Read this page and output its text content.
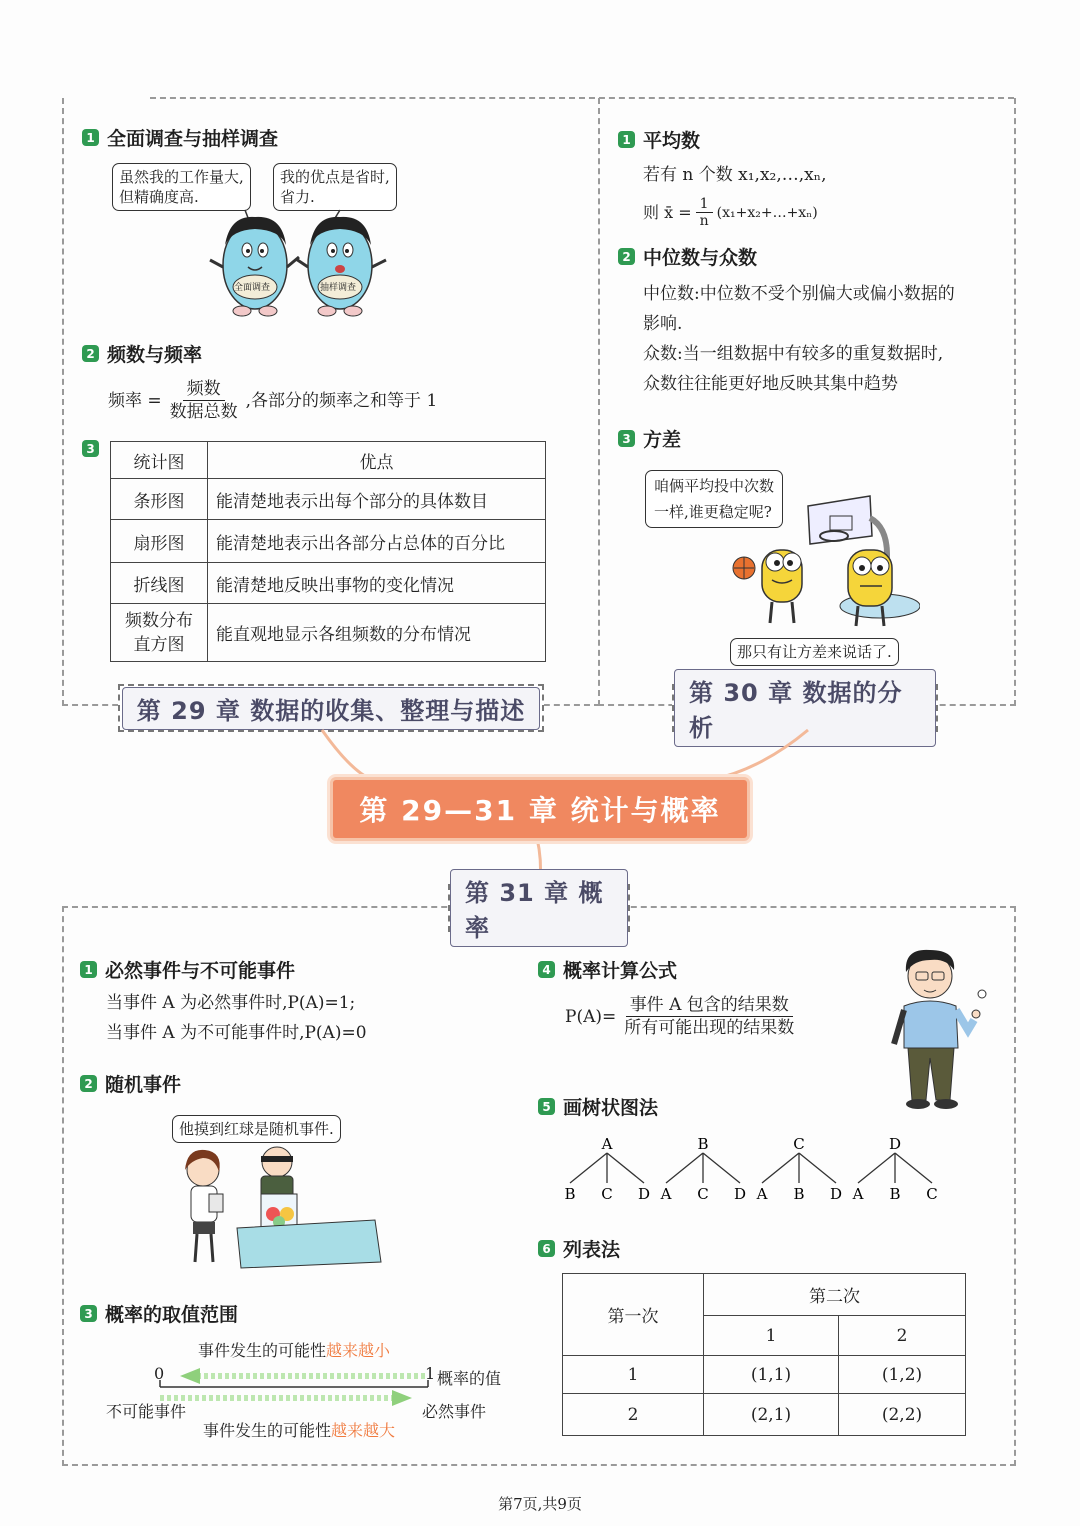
1 全面调查与抽样调查
虽然我的工作量大,
但精确度高.
我的优点是省时,
省力.
全面调查	抽样调查
2 频数与频率
频率 = $\frac{\text{频数}}{\text{数据总数}}$ ,各部分的频率之和等于 1
3
统计图	优点
条形图	能清楚地表示出每个部分的具体数目
扇形图	能清楚地表示出各部分占总体的百分比
折线图	能清楚地反映出事物的变化情况

频数分布
直方图	能直观地显示各组频数的分布情况
1 平均数
若有 n 个数 x₁,x₂,…,xₙ,
则 x̄ = $\frac{1}{n}$ (x₁+x₂+…+xₙ)
2 中位数与众数
中位数:中位数不受个别偏大或偏小数据的
影响.
众数:当一组数据中有较多的重复数据时,
众数往往能更好地反映其集中趋势
3 方差
咱俩平均投中次数
一样,谁更稳定呢?
那只有让方差来说话了.
第 29 章 数据的收集、整理与描述
第 30 章 数据的分析
第 29—31 章 统计与概率
第 31 章 概率
1 必然事件与不可能事件
当事件 A 为必然事件时,P(A)=1;
当事件 A 为不可能事件时,P(A)=0
2 随机事件
他摸到红球是随机事件.
3 概率的取值范围
事件发生的可能性越来越小
0	1 概率的值
不可能事件	必然事件
事件发生的可能性越来越大
4 概率计算公式
$P(A)= \frac{\text{事件 A 包含的结果数}}{\text{所有可能出现的结果数}}$
5 画树状图法
A
B C D
B
A C D
C
A B D
D
A B C
6 列表法
第一次	第二次	
	1	2
1	(1,1)	(1,2)
2	(2,1)	(2,2)
第7页,共9页
